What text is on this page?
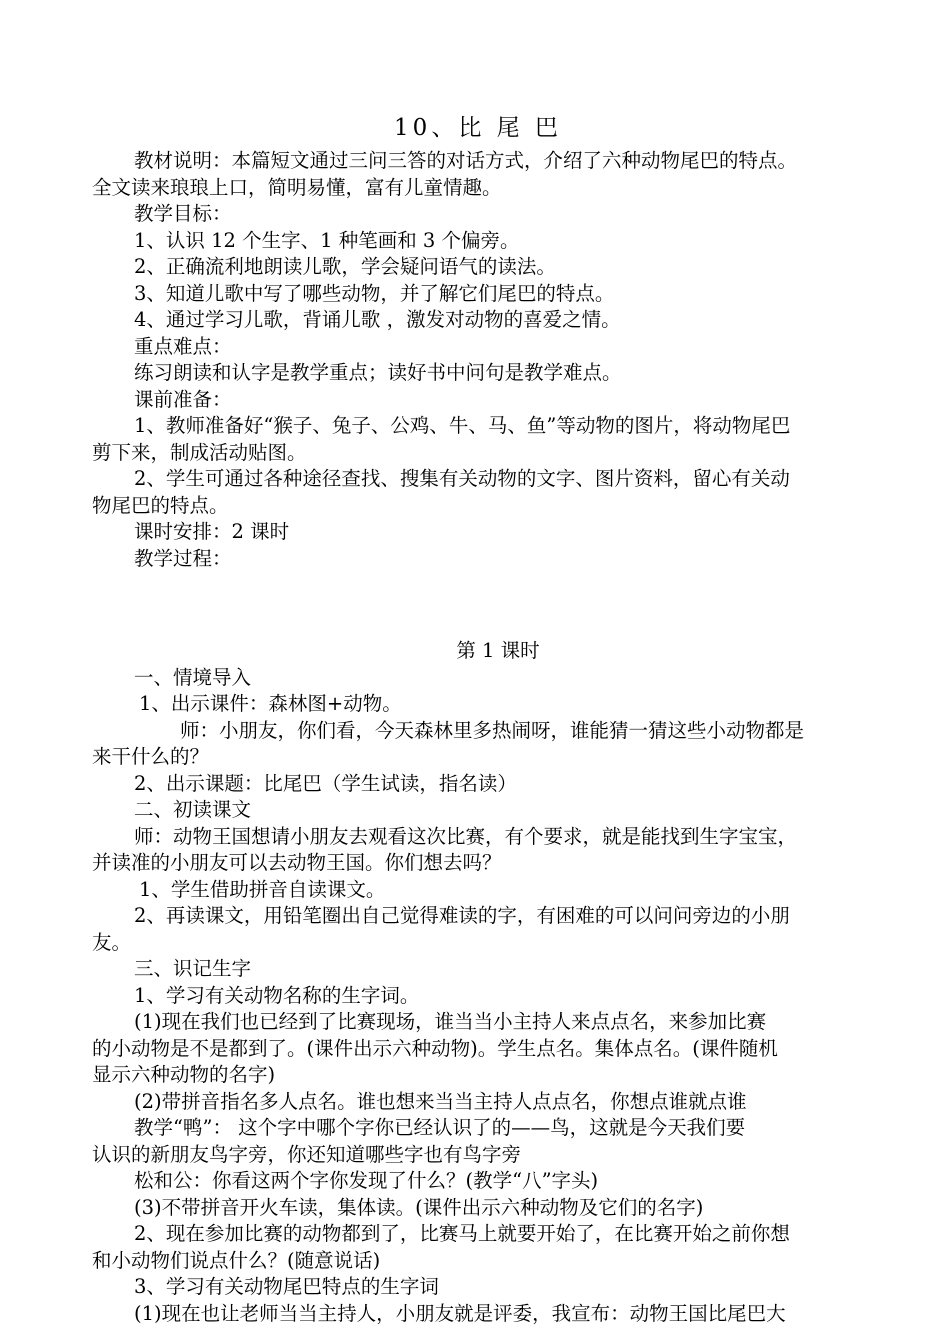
10、比 尾 巴
教材说明：本篇短文通过三问三答的对话方式，介绍了六种动物尾巴的特点。
全文读来琅琅上口，简明易懂，富有儿童情趣。
教学目标：
1、认识 12 个生字、1 种笔画和 3 个偏旁。
2、正确流利地朗读儿歌，学会疑问语气的读法。
3、知道儿歌中写了哪些动物，并了解它们尾巴的特点。
4、通过学习儿歌，背诵儿歌 ，激发对动物的喜爱之情。
重点难点：
练习朗读和认字是教学重点；读好书中问句是教学难点。
课前准备：
1、教师准备好“猴子、兔子、公鸡、牛、马、鱼”等动物的图片，将动物尾巴
剪下来，制成活动贴图。
2、学生可通过各种途径查找、搜集有关动物的文字、图片资料，留心有关动
物尾巴的特点。
课时安排：2 课时
教学过程：
第 1 课时
一、情境导入
1、出示课件：森林图+动物。
师：小朋友，你们看，今天森林里多热闹呀，谁能猜一猜这些小动物都是
来干什么的？
2、出示课题：比尾巴（学生试读，指名读）
二、初读课文
师：动物王国想请小朋友去观看这次比赛，有个要求，就是能找到生字宝宝，
并读准的小朋友可以去动物王国。你们想去吗？
1、学生借助拼音自读课文。
2、再读课文，用铅笔圈出自己觉得难读的字，有困难的可以问问旁边的小朋
友。
三、识记生字
1、学习有关动物名称的生字词。
(1)现在我们也已经到了比赛现场，谁当当小主持人来点点名，来参加比赛
的小动物是不是都到了。(课件出示六种动物)。学生点名。集体点名。(课件随机
显示六种动物的名字)
(2)带拼音指名多人点名。谁也想来当当主持人点点名，你想点谁就点谁
教学“鸭”： 这个字中哪个字你已经认识了的——鸟，这就是今天我们要
认识的新朋友鸟字旁，你还知道哪些字也有鸟字旁
松和公：你看这两个字你发现了什么？(教学“八”字头)
(3)不带拼音开火车读，集体读。(课件出示六种动物及它们的名字)
2、现在参加比赛的动物都到了，比赛马上就要开始了，在比赛开始之前你想
和小动物们说点什么？(随意说话)
3、学习有关动物尾巴特点的生字词
(1)现在也让老师当当主持人，小朋友就是评委，我宣布：动物王国比尾巴大
